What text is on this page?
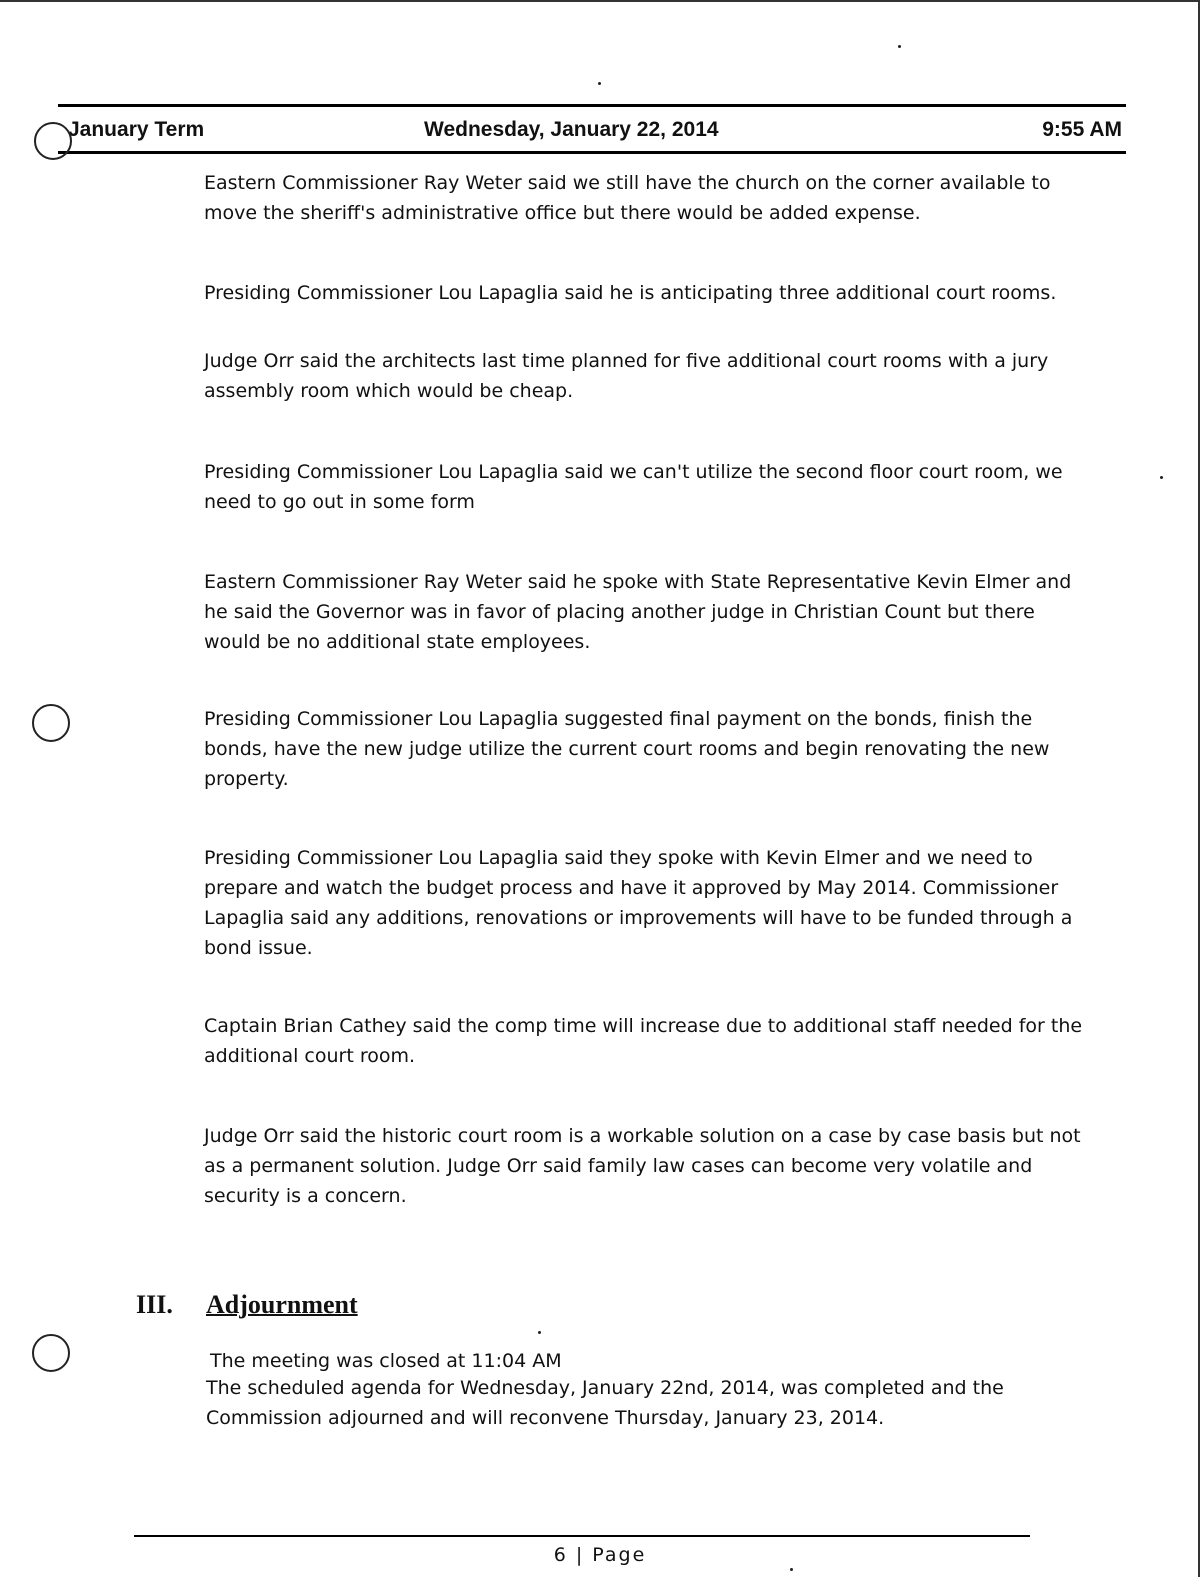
January Term	Wednesday, January 22, 2014	9:55 AM

Eastern Commissioner Ray Weter said we still have the church on the corner available to move the sheriff's administrative office but there would be added expense.

Presiding Commissioner Lou Lapaglia said he is anticipating three additional court rooms.

Judge Orr said the architects last time planned for five additional court rooms with a jury assembly room which would be cheap.

Presiding Commissioner Lou Lapaglia said we can't utilize the second floor court room, we need to go out in some form

Eastern Commissioner Ray Weter said he spoke with State Representative Kevin Elmer and he said the Governor was in favor of placing another judge in Christian Count but there would be no additional state employees.

Presiding Commissioner Lou Lapaglia suggested final payment on the bonds, finish the bonds, have the new judge utilize the current court rooms and begin renovating the new property.

Presiding Commissioner Lou Lapaglia said they spoke with Kevin Elmer and we need to prepare and watch the budget process and have it approved by May 2014. Commissioner Lapaglia said any additions, renovations or improvements will have to be funded through a bond issue.

Captain Brian Cathey said the comp time will increase due to additional staff needed for the additional court room.

Judge Orr said the historic court room is a workable solution on a case by case basis but not as a permanent solution. Judge Orr said family law cases can become very volatile and security is a concern.

III. Adjournment

The meeting was closed at 11:04 AM

The scheduled agenda for Wednesday, January 22nd, 2014, was completed and the Commission adjourned and will reconvene Thursday, January 23, 2014.

6 | Page
